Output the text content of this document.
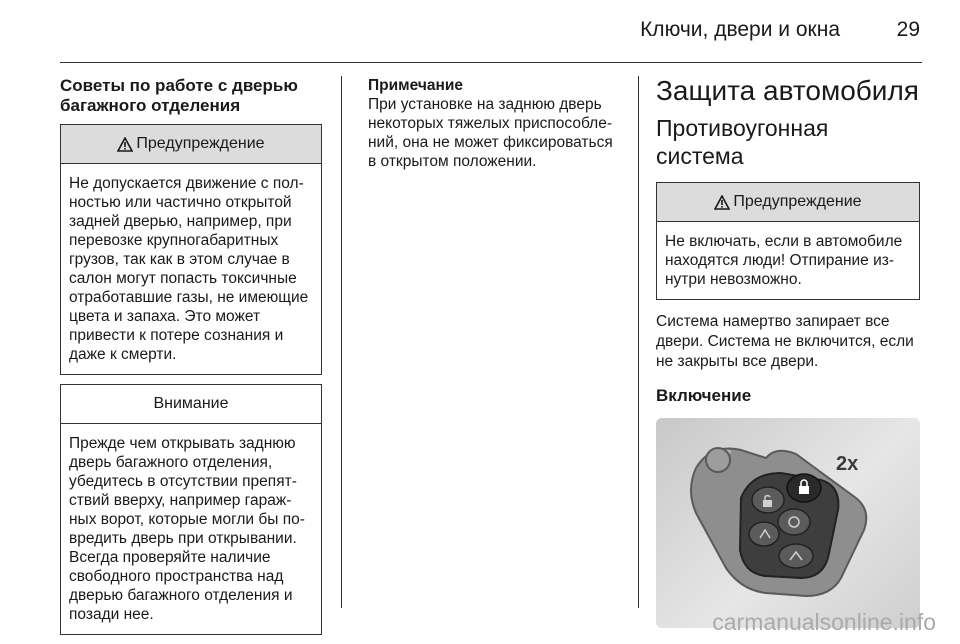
Ключи, двери и окна	29
Советы по работе с дверью багажного отделения
Предупреждение
Не допускается движение с полностью или частично открытой задней дверью, например, при перевозке крупногабаритных грузов, так как в этом случае в салон могут попасть токсичные отработавшие газы, не имеющие цвета и запаха. Это может привести к потере сознания и даже к смерти.
Внимание
Прежде чем открывать заднюю дверь багажного отделения, убедитесь в отсутствии препятствий вверху, например гаражных ворот, которые могли бы повредить дверь при открывании. Всегда проверяйте наличие свободного пространства над дверью багажного отделения и позади нее.
Примечание
При установке на заднюю дверь некоторых тяжелых приспособлений, она не может фиксироваться в открытом положении.
Защита автомобиля
Противоугонная система
Предупреждение
Не включать, если в автомобиле находятся люди! Отпирание изнутри невозможно.

Система намертво запирает все двери. Система не включится, если не закрыты все двери.

Включение
2x
carmanualsonline.info
